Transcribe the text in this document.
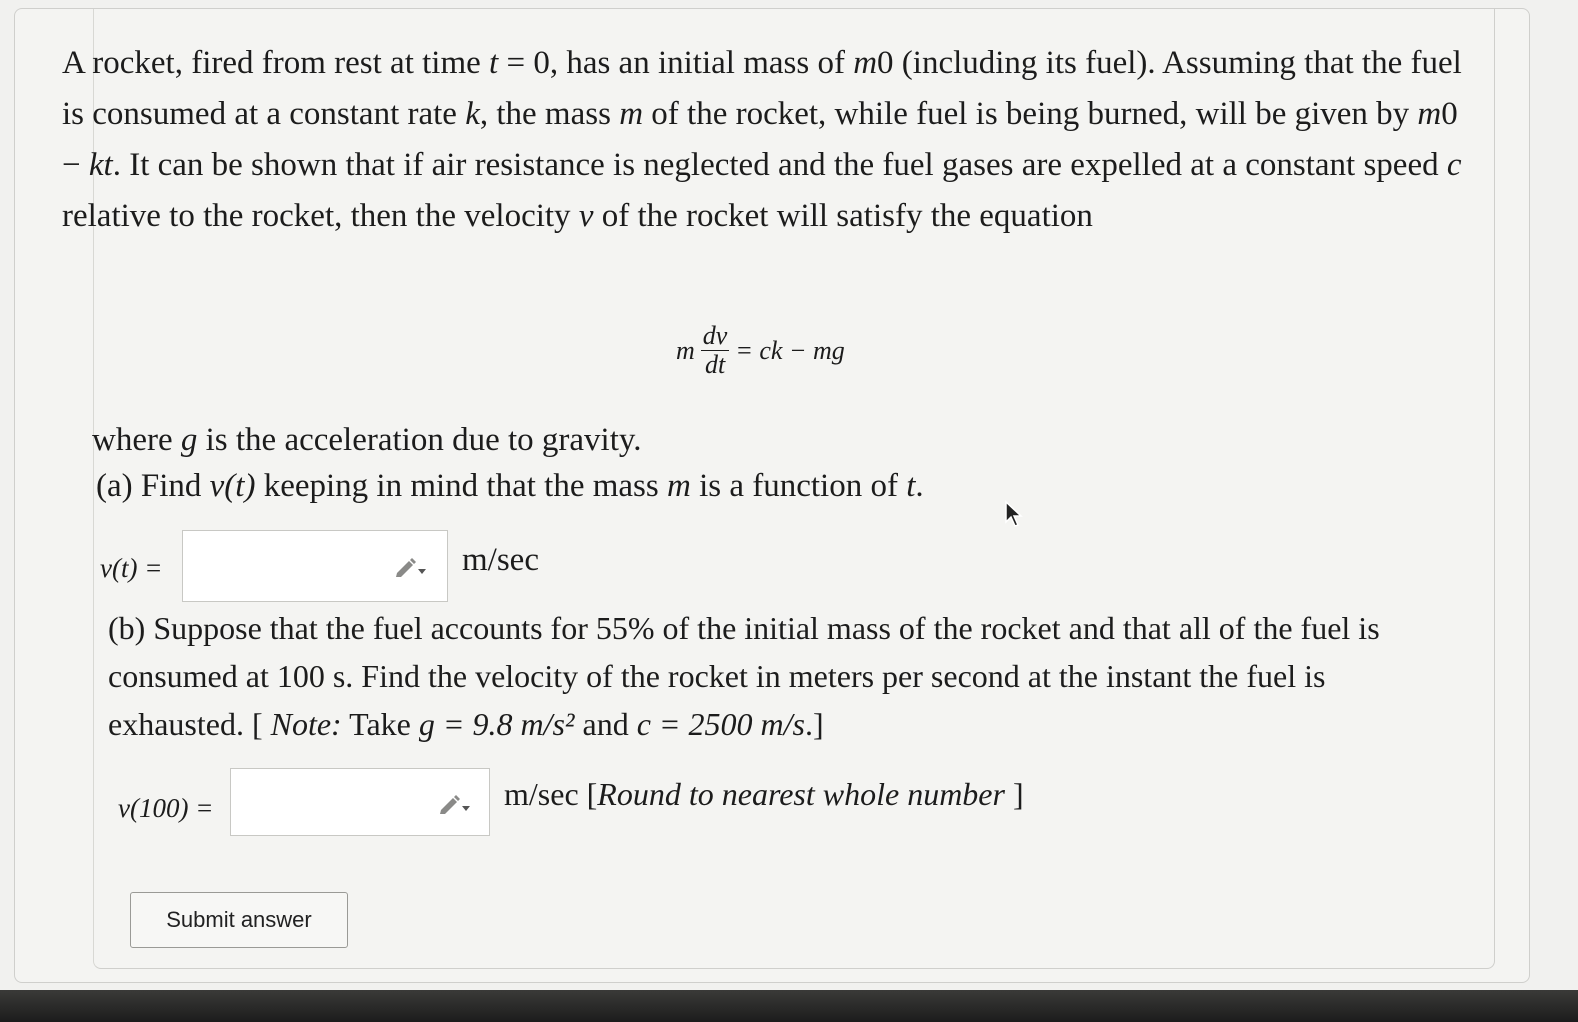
A rocket, fired from rest at time t = 0, has an initial mass of m0 (including its fuel). Assuming that the fuel is consumed at a constant rate k, the mass m of the rocket, while fuel is being burned, will be given by m0 − kt. It can be shown that if air resistance is neglected and the fuel gases are expelled at a constant speed c relative to the rocket, then the velocity v of the rocket will satisfy the equation

m $\frac{dv}{dt}$ = ck − mg
where g is the acceleration due to gravity.
(a) Find v(t) keeping in mind that the mass m is a function of t.
v(t) =	m/sec

(b) Suppose that the fuel accounts for 55% of the initial mass of the rocket and that all of the fuel is consumed at 100 s. Find the velocity of the rocket in meters per second at the instant the fuel is exhausted. [ Note: Take g = 9.8 m/s² and c = 2500 m/s.]

v(100) =	m/sec [Round to nearest whole number ]
Submit answer
